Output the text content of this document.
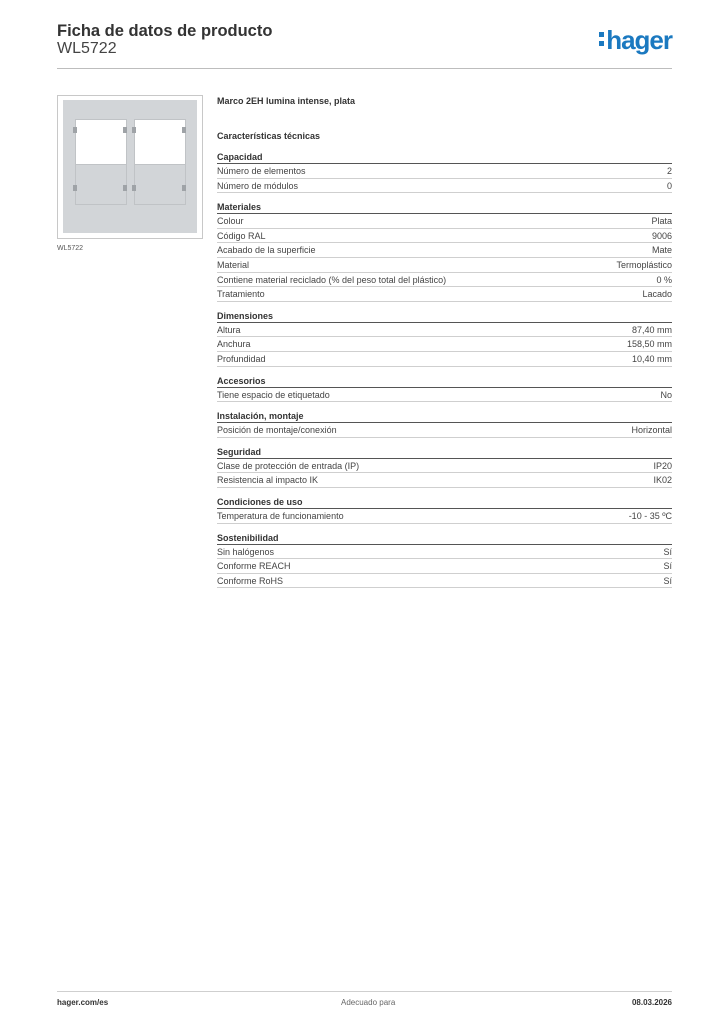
Ficha de datos de producto
WL5722	hager
WL5722
Marco 2EH lumina intense, plata
Características técnicas
Capacidad
Número de elementos	2
Número de módulos	0
Materiales
Colour	Plata
Código RAL	9006
Acabado de la superficie	Mate
Material	Termoplástico
Contiene material reciclado (% del peso total del plástico)	0 %
Tratamiento	Lacado
Dimensiones
Altura	87,40 mm
Anchura	158,50 mm
Profundidad	10,40 mm
Accesorios
Tiene espacio de etiquetado	No
Instalación, montaje
Posición de montaje/conexión	Horizontal
Seguridad
Clase de protección de entrada (IP)	IP20
Resistencia al impacto IK	IK02
Condiciones de uso
Temperatura de funcionamiento	-10 - 35 ºC
Sostenibilidad
Sin halógenos	Sí
Conforme REACH	Sí
Conforme RoHS	Sí
hager.com/es	Adecuado para	08.03.2026
